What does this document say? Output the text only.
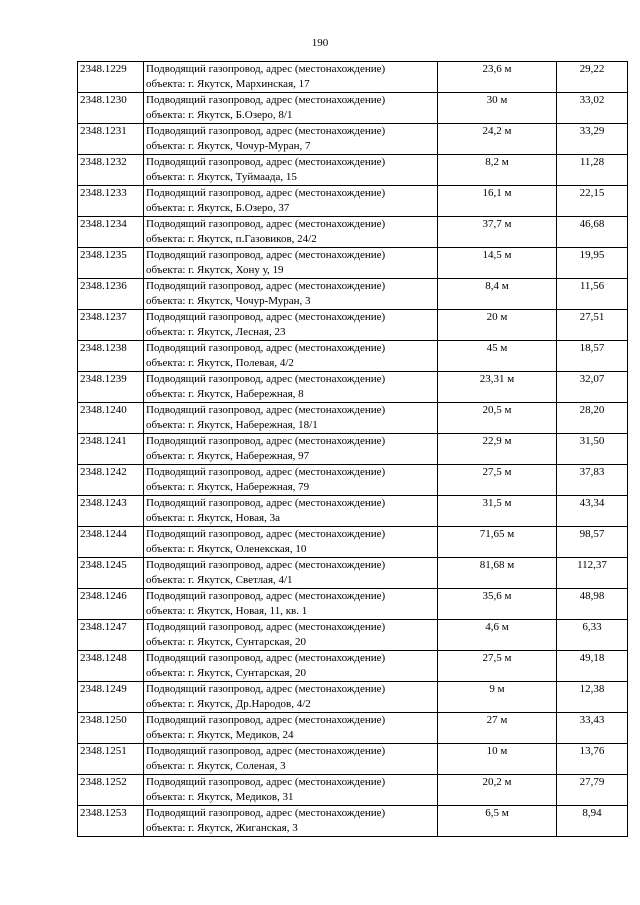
190
2348.1229	Подводящий газопровод, адрес (местонахождение)
объекта: г. Якутск, Мархинская, 17	23,6 м	29,22
2348.1230	Подводящий газопровод, адрес (местонахождение)
объекта: г. Якутск, Б.Озеро, 8/1	30 м	33,02
2348.1231	Подводящий газопровод, адрес (местонахождение)
объекта: г. Якутск, Чочур-Муран, 7	24,2 м	33,29
2348.1232	Подводящий газопровод, адрес (местонахождение)
объекта: г. Якутск, Туймаада, 15	8,2 м	11,28
2348.1233	Подводящий газопровод, адрес (местонахождение)
объекта: г. Якутск, Б.Озеро, 37	16,1 м	22,15
2348.1234	Подводящий газопровод, адрес (местонахождение)
объекта: г. Якутск, п.Газовиков, 24/2	37,7 м	46,68
2348.1235	Подводящий газопровод, адрес (местонахождение)
объекта: г. Якутск, Хону у, 19	14,5 м	19,95
2348.1236	Подводящий газопровод, адрес (местонахождение)
объекта: г. Якутск, Чочур-Муран, 3	8,4 м	11,56
2348.1237	Подводящий газопровод, адрес (местонахождение)
объекта: г. Якутск, Лесная, 23	20 м	27,51
2348.1238	Подводящий газопровод, адрес (местонахождение)
объекта: г. Якутск, Полевая, 4/2	45 м	18,57
2348.1239	Подводящий газопровод, адрес (местонахождение)
объекта: г. Якутск, Набережная, 8	23,31 м	32,07
2348.1240	Подводящий газопровод, адрес (местонахождение)
объекта: г. Якутск, Набережная, 18/1	20,5 м	28,20
2348.1241	Подводящий газопровод, адрес (местонахождение)
объекта: г. Якутск, Набережная, 97	22,9 м	31,50
2348.1242	Подводящий газопровод, адрес (местонахождение)
объекта: г. Якутск, Набережная, 79	27,5 м	37,83
2348.1243	Подводящий газопровод, адрес (местонахождение)
объекта: г. Якутск, Новая, 3а	31,5 м	43,34
2348.1244	Подводящий газопровод, адрес (местонахождение)
объекта: г. Якутск, Оленекская, 10	71,65 м	98,57
2348.1245	Подводящий газопровод, адрес (местонахождение)
объекта: г. Якутск, Светлая, 4/1	81,68 м	112,37
2348.1246	Подводящий газопровод, адрес (местонахождение)
объекта: г. Якутск, Новая, 11, кв. 1	35,6 м	48,98
2348.1247	Подводящий газопровод, адрес (местонахождение)
объекта: г. Якутск, Сунтарская, 20	4,6 м	6,33
2348.1248	Подводящий газопровод, адрес (местонахождение)
объекта: г. Якутск, Сунтарская, 20	27,5 м	49,18
2348.1249	Подводящий газопровод, адрес (местонахождение)
объекта: г. Якутск, Др.Народов, 4/2	9 м	12,38
2348.1250	Подводящий газопровод, адрес (местонахождение)
объекта: г. Якутск, Медиков, 24	27 м	33,43
2348.1251	Подводящий газопровод, адрес (местонахождение)
объекта: г. Якутск, Соленая, 3	10 м	13,76
2348.1252	Подводящий газопровод, адрес (местонахождение)
объекта: г. Якутск, Медиков, 31	20,2 м	27,79
2348.1253	Подводящий газопровод, адрес (местонахождение)
объекта: г. Якутск, Жиганская, 3	6,5 м	8,94
